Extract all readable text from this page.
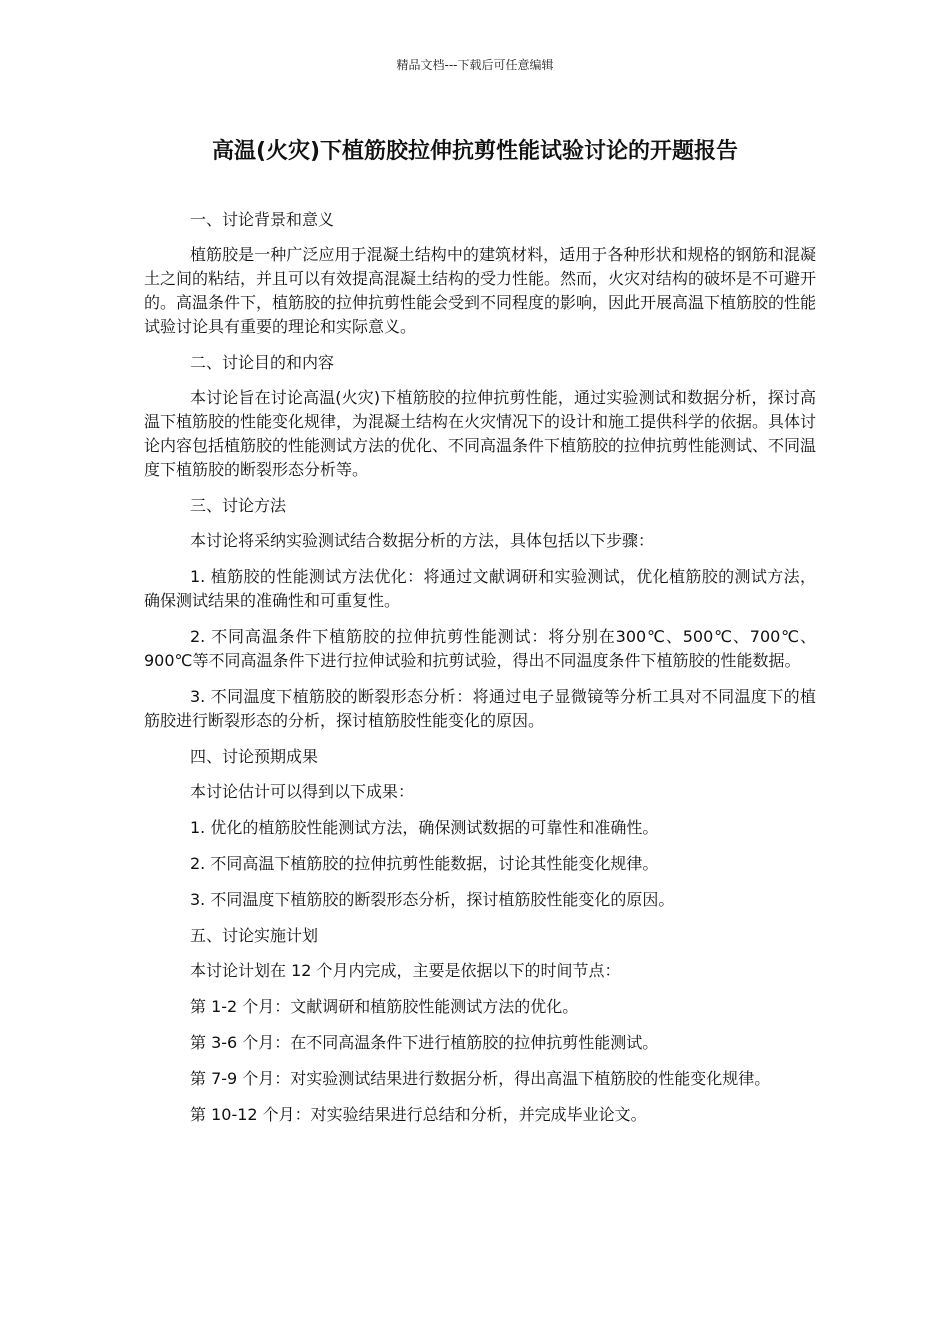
精品文档---下载后可任意编辑
高温(火灾)下植筋胶拉伸抗剪性能试验讨论的开题报告

一、讨论背景和意义

植筋胶是一种广泛应用于混凝土结构中的建筑材料，适用于各种形状和规格的钢筋和混凝土之间的粘结，并且可以有效提高混凝土结构的受力性能。然而，火灾对结构的破坏是不可避开的。高温条件下，植筋胶的拉伸抗剪性能会受到不同程度的影响，因此开展高温下植筋胶的性能试验讨论具有重要的理论和实际意义。

二、讨论目的和内容

本讨论旨在讨论高温(火灾)下植筋胶的拉伸抗剪性能，通过实验测试和数据分析，探讨高温下植筋胶的性能变化规律，为混凝土结构在火灾情况下的设计和施工提供科学的依据。具体讨论内容包括植筋胶的性能测试方法的优化、不同高温条件下植筋胶的拉伸抗剪性能测试、不同温度下植筋胶的断裂形态分析等。

三、讨论方法

本讨论将采纳实验测试结合数据分析的方法，具体包括以下步骤：

1. 植筋胶的性能测试方法优化：将通过文献调研和实验测试，优化植筋胶的测试方法，确保测试结果的准确性和可重复性。

2. 不同高温条件下植筋胶的拉伸抗剪性能测试：将分别在300℃、500℃、700℃、900℃等不同高温条件下进行拉伸试验和抗剪试验，得出不同温度条件下植筋胶的性能数据。

3. 不同温度下植筋胶的断裂形态分析：将通过电子显微镜等分析工具对不同温度下的植筋胶进行断裂形态的分析，探讨植筋胶性能变化的原因。

四、讨论预期成果

本讨论估计可以得到以下成果：

1. 优化的植筋胶性能测试方法，确保测试数据的可靠性和准确性。

2. 不同高温下植筋胶的拉伸抗剪性能数据，讨论其性能变化规律。

3. 不同温度下植筋胶的断裂形态分析，探讨植筋胶性能变化的原因。

五、讨论实施计划

本讨论计划在 12 个月内完成，主要是依据以下的时间节点：

第 1-2 个月：文献调研和植筋胶性能测试方法的优化。

第 3-6 个月：在不同高温条件下进行植筋胶的拉伸抗剪性能测试。

第 7-9 个月：对实验测试结果进行数据分析，得出高温下植筋胶的性能变化规律。

第 10-12 个月：对实验结果进行总结和分析，并完成毕业论文。
